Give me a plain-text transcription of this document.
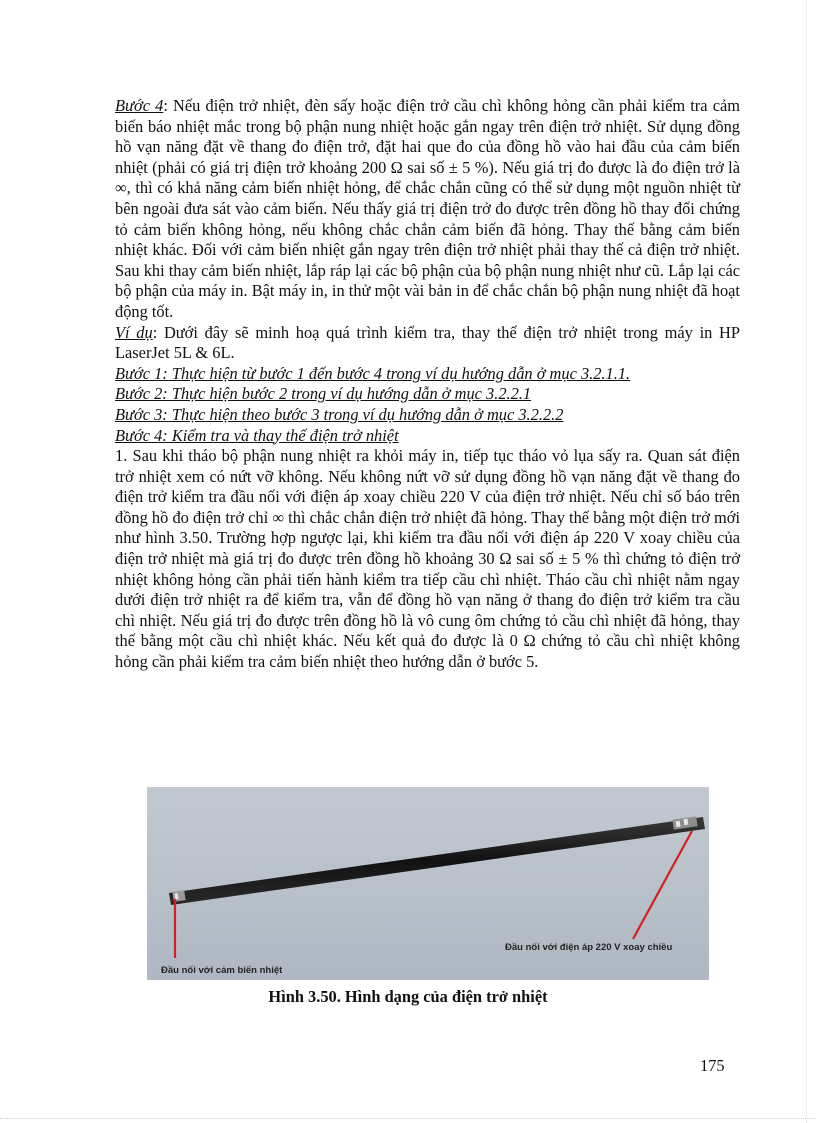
Bước 4: Nếu điện trở nhiệt, đèn sấy hoặc điện trở cầu chì không hỏng cần phải kiểm tra cảm biến báo nhiệt mắc trong bộ phận nung nhiệt hoặc gắn ngay trên điện trở nhiệt. Sử dụng đồng hồ vạn năng đặt về thang đo điện trở, đặt hai que đo của đồng hồ vào hai đầu của cảm biến nhiệt (phải có giá trị điện trở khoảng 200 Ω sai số ± 5 %). Nếu giá trị đo được là đo điện trở là ∞, thì có khả năng cảm biến nhiệt hỏng, để chắc chắn cũng có thể sử dụng một nguồn nhiệt từ bên ngoài đưa sát vào cảm biến. Nếu thấy giá trị điện trở đo được trên đồng hồ thay đổi chứng tỏ cảm biến không hỏng, nếu không chắc chắn cảm biến đã hỏng. Thay thế bằng cảm biến nhiệt khác. Đối với cảm biến nhiệt gắn ngay trên điện trở nhiệt phải thay thế cả điện trở nhiệt. Sau khi thay cảm biến nhiệt, lắp ráp lại các bộ phận của bộ phận nung nhiệt như cũ. Lắp lại các bộ phận của máy in. Bật máy in, in thử một vài bản in để chắc chắn bộ phận nung nhiệt đã hoạt động tốt.

Ví dụ: Dưới đây sẽ minh hoạ quá trình kiểm tra, thay thế điện trở nhiệt trong máy in HP LaserJet 5L & 6L.

Bước 1: Thực hiện từ bước 1 đến bước 4 trong ví dụ hướng dẫn ở mục 3.2.1.1.

Bước 2: Thực hiện bước 2 trong ví dụ hướng dẫn ở mục 3.2.2.1

Bước 3: Thực hiện theo bước 3 trong ví dụ hướng dẫn ở mục 3.2.2.2

Bước 4: Kiểm tra và thay thế điện trở nhiệt

1. Sau khi tháo bộ phận nung nhiệt ra khỏi máy in, tiếp tục tháo vỏ lụa sấy ra. Quan sát điện trở nhiệt xem có nứt vỡ không. Nếu không nứt vỡ sử dụng đồng hồ vạn năng đặt về thang đo điện trở kiểm tra đầu nối với điện áp xoay chiều 220 V của điện trở nhiệt. Nếu chỉ số báo trên đồng hồ đo điện trở chỉ ∞ thì chắc chắn điện trở nhiệt đã hỏng. Thay thế bằng một điện trở mới như hình 3.50. Trường hợp ngược lại, khi kiểm tra đầu nối với điện áp 220 V xoay chiều của điện trở nhiệt mà giá trị đo được trên đồng hồ khoảng 30 Ω sai số ± 5 % thì chứng tỏ điện trở nhiệt không hỏng cần phải tiến hành kiểm tra tiếp cầu chì nhiệt. Tháo cầu chì nhiệt nằm ngay dưới điện trở nhiệt ra để kiểm tra, vẫn để đồng hồ vạn năng ở thang đo điện trở kiểm tra cầu chì nhiệt. Nếu giá trị đo được trên đồng hồ là vô cung ôm chứng tỏ cầu chì nhiệt đã hỏng, thay thế bằng một cầu chì nhiệt khác. Nếu kết quả đo được là 0 Ω chứng tỏ cầu chì nhiệt không hỏng cần phải kiểm tra cảm biến nhiệt theo hướng dẫn ở bước 5.

Đầu nối với điện áp 220 V xoay chiều
Đầu nối với cảm biến nhiệt
Hình 3.50. Hình dạng của điện trở nhiệt
175
